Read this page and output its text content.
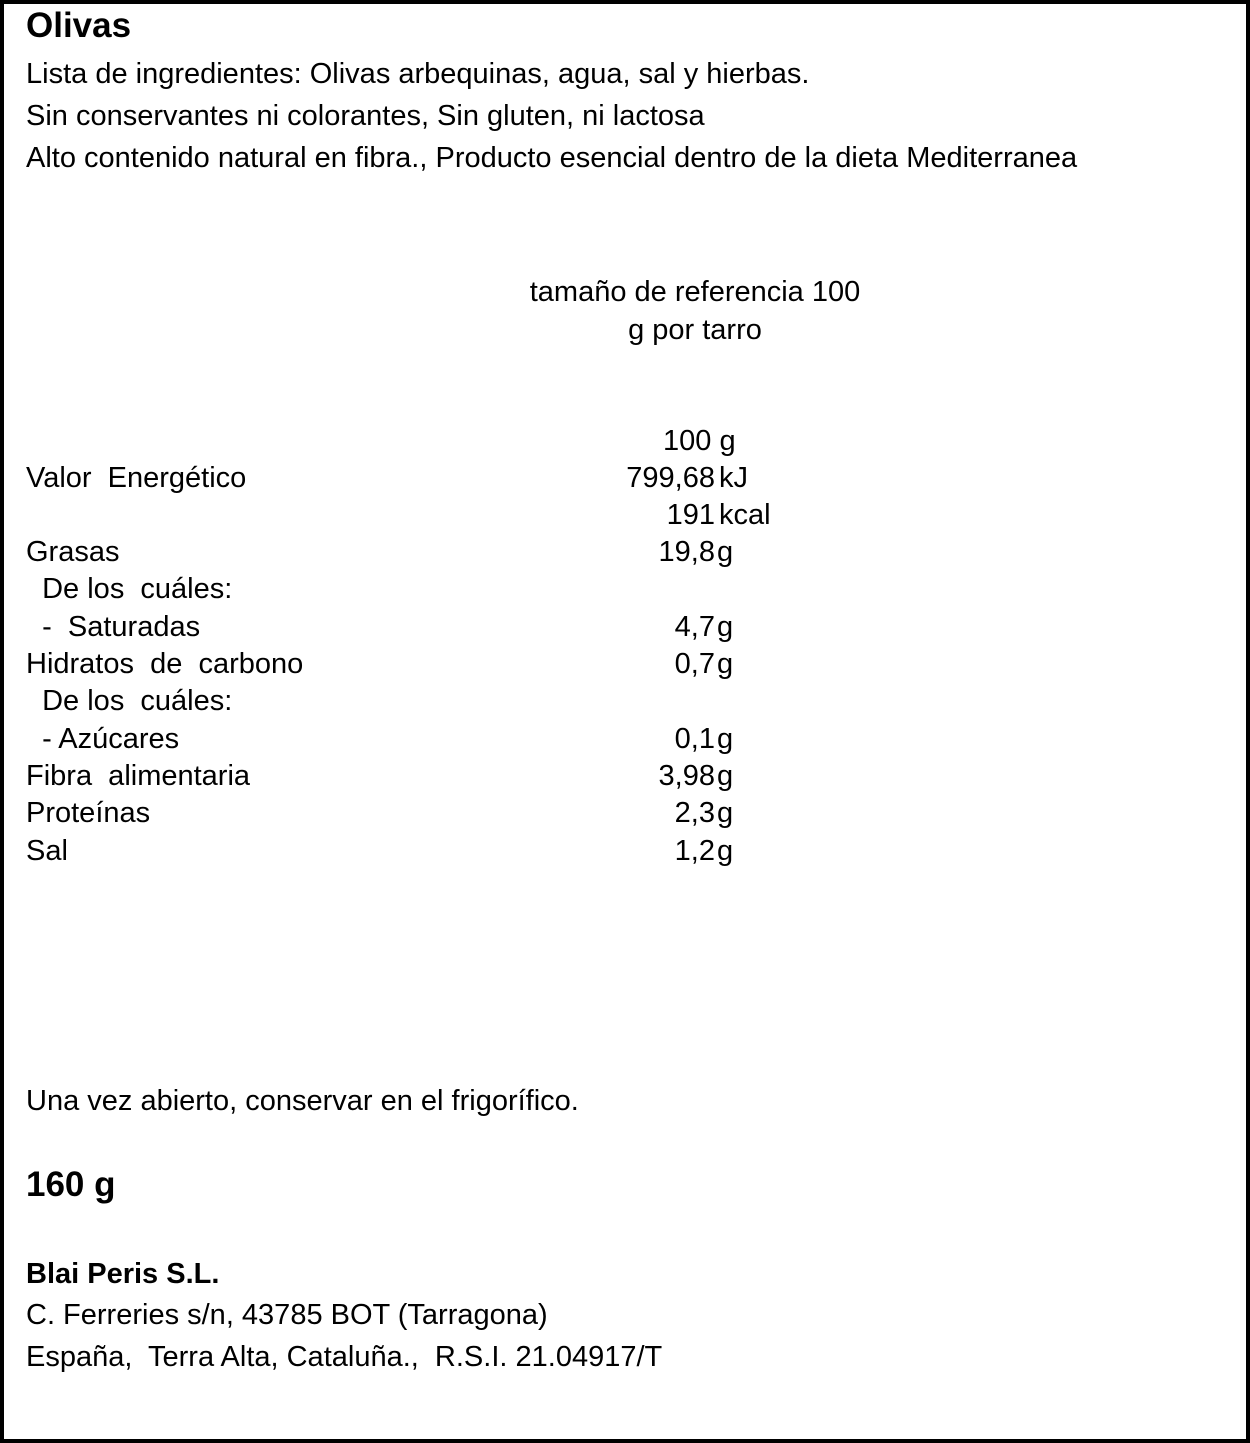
Olivas
Lista de ingredientes: Olivas arbequinas, agua, sal y hierbas.
Sin conservantes ni colorantes, Sin gluten, ni lactosa
Alto contenido natural en fibra., Producto esencial dentro de la dieta Mediterranea
tamaño de referencia 100
g por tarro
100 g
Valor  Energético	799,68 kJ
191 kcal
Grasas	19,8 g
De los  cuáles:
-  Saturadas	4,7 g
Hidratos  de  carbono	0,7 g
De los  cuáles:
- Azúcares	0,1 g
Fibra  alimentaria	3,98 g
Proteínas	2,3 g
Sal	1,2 g
Una vez abierto, conservar en el frigorífico.
160 g
Blai Peris S.L.
C. Ferreries s/n, 43785 BOT (Tarragona)
España,  Terra Alta, Cataluña.,  R.S.I. 21.04917/T
